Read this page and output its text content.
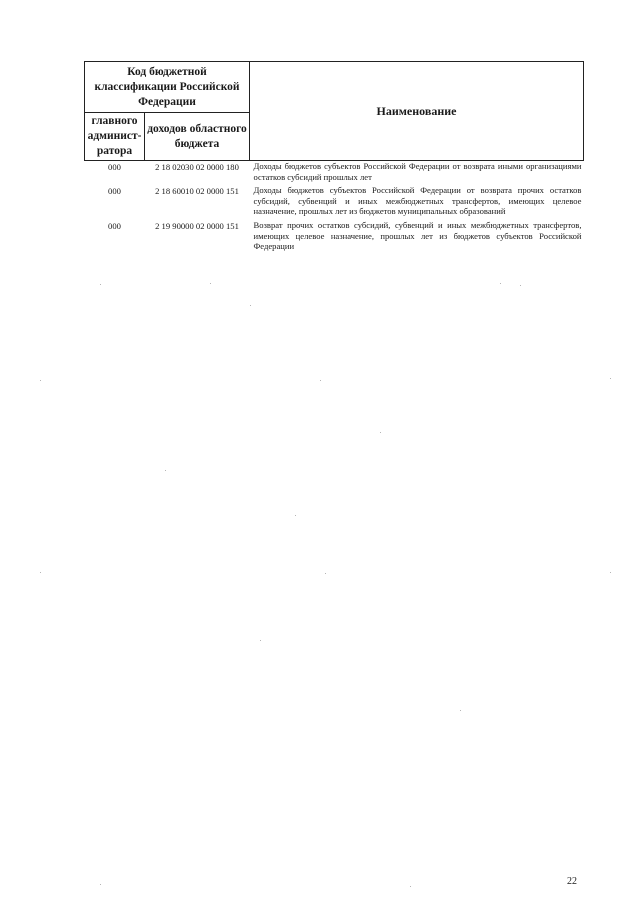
Код бюджетной классификации Российской Федерации		Наименование
главного админист-ратора	доходов областного бюджета	
000	2 18 02030 02 0000 180	Доходы бюджетов субъектов Российской Федерации от возврата иными организациями остатков субсидий прошлых лет
000	2 18 60010 02 0000 151	Доходы бюджетов субъектов Российской Федерации от возврата прочих остатков субсидий, субвенций и иных межбюджетных трансфертов, имеющих целевое назначение, прошлых лет из бюджетов муниципальных образований
000	2 19 90000 02 0000 151	Возврат прочих остатков субсидий, субвенций и иных межбюджетных трансфертов, имеющих целевое назначение, прошлых лет из бюджетов субъектов Российской Федерации
22
